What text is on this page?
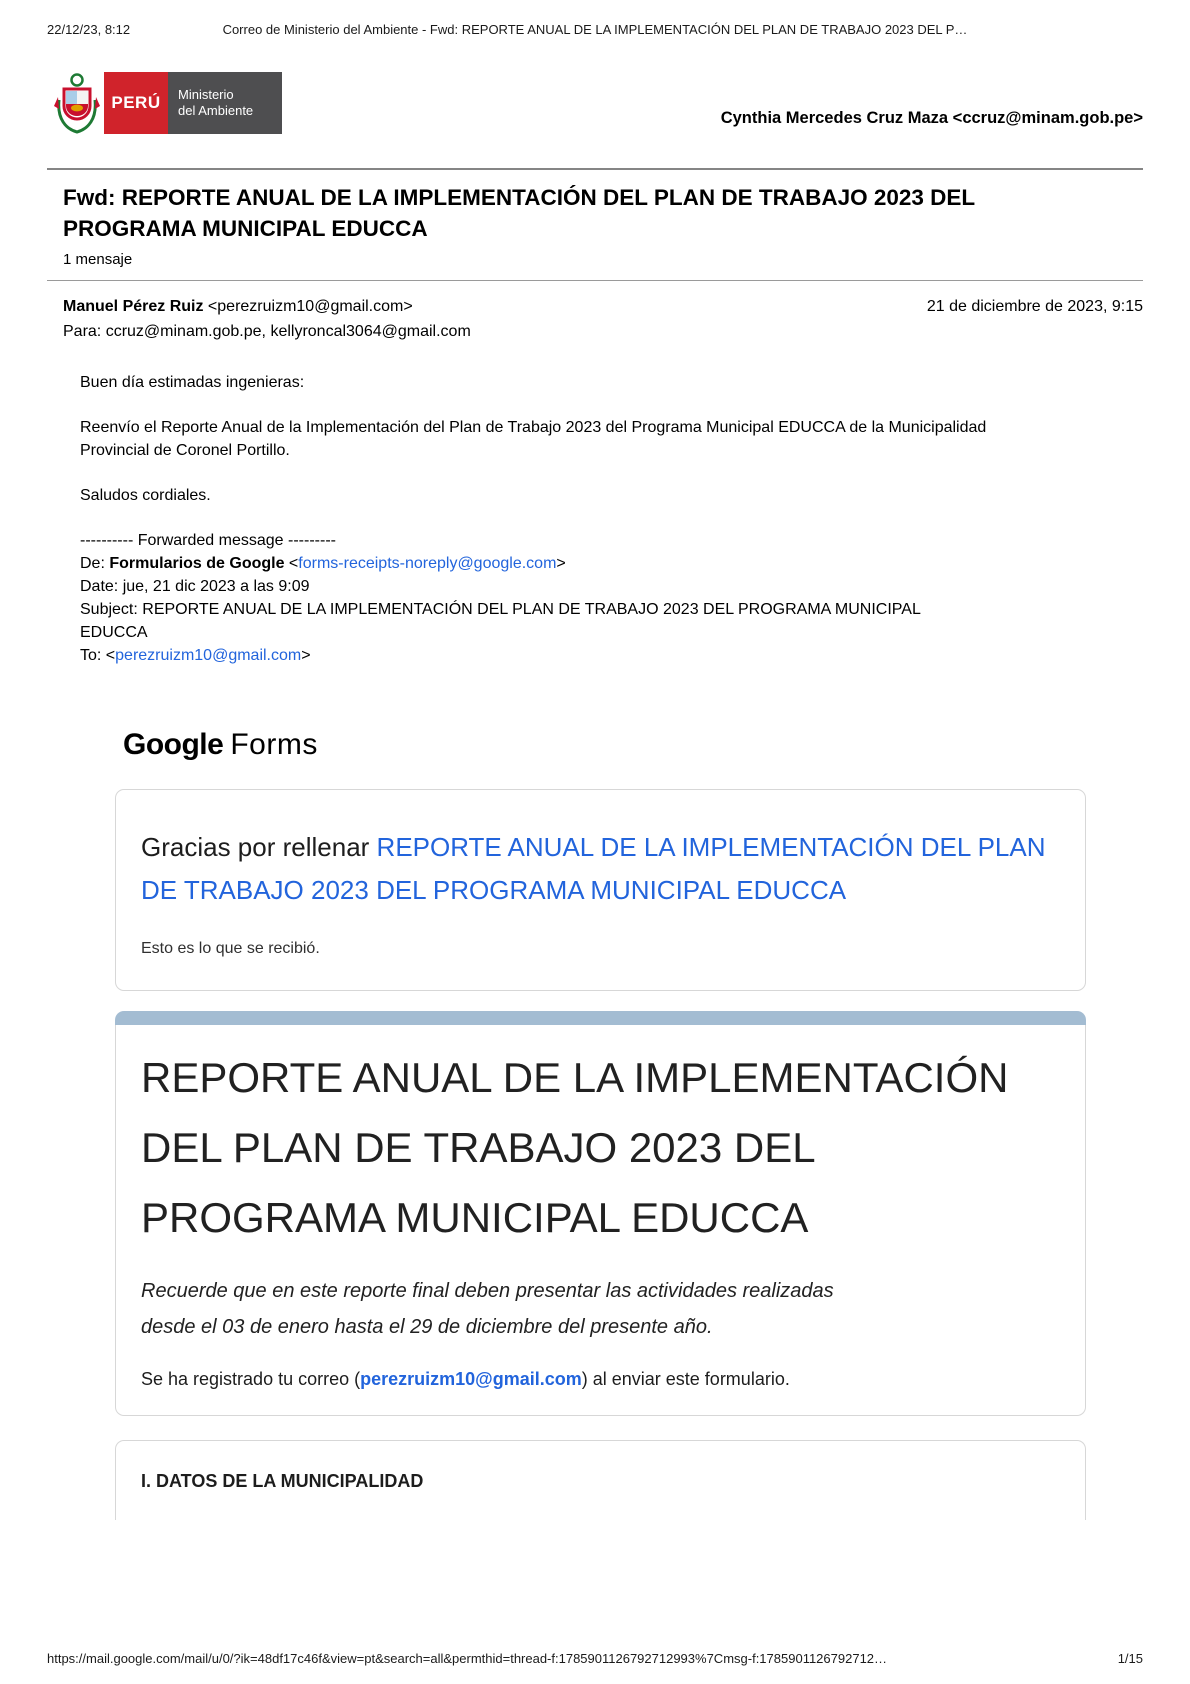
22/12/23, 8:12	Correo de Ministerio del Ambiente - Fwd: REPORTE ANUAL DE LA IMPLEMENTACIÓN DEL PLAN DE TRABAJO 2023 DEL P…
PERÚ Ministerio
del Ambiente	Cynthia Mercedes Cruz Maza <ccruz@minam.gob.pe>
Fwd: REPORTE ANUAL DE LA IMPLEMENTACIÓN DEL PLAN DE TRABAJO 2023 DEL PROGRAMA MUNICIPAL EDUCCA
1 mensaje
Manuel Pérez Ruiz <perezruizm10@gmail.com>	21 de diciembre de 2023, 9:15
Para: ccruz@minam.gob.pe, kellyroncal3064@gmail.com

Buen día estimadas ingenieras:

Reenvío el Reporte Anual de la Implementación del Plan de Trabajo 2023 del Programa Municipal EDUCCA de la Municipalidad Provincial de Coronel Portillo.

Saludos cordiales.

---------- Forwarded message ---------
De: Formularios de Google <forms-receipts-noreply@google.com>
Date: jue, 21 dic 2023 a las 9:09
Subject: REPORTE ANUAL DE LA IMPLEMENTACIÓN DEL PLAN DE TRABAJO 2023 DEL PROGRAMA MUNICIPAL EDUCCA
To: <perezruizm10@gmail.com>

Google Forms
Gracias por rellenar REPORTE ANUAL DE LA IMPLEMENTACIÓN DEL PLAN DE TRABAJO 2023 DEL PROGRAMA MUNICIPAL EDUCCA
Esto es lo que se recibió.
REPORTE ANUAL DE LA IMPLEMENTACIÓN DEL PLAN DE TRABAJO 2023 DEL PROGRAMA MUNICIPAL EDUCCA

Recuerde que en este reporte final deben presentar las actividades realizadas desde el 03 de enero hasta el 29 de diciembre del presente año.

Se ha registrado tu correo (perezruizm10@gmail.com) al enviar este formulario.

I. DATOS DE LA MUNICIPALIDAD
https://mail.google.com/mail/u/0/?ik=48df17c46f&view=pt&search=all&permthid=thread-f:1785901126792712993%7Cmsg-f:1785901126792712…	1/15
